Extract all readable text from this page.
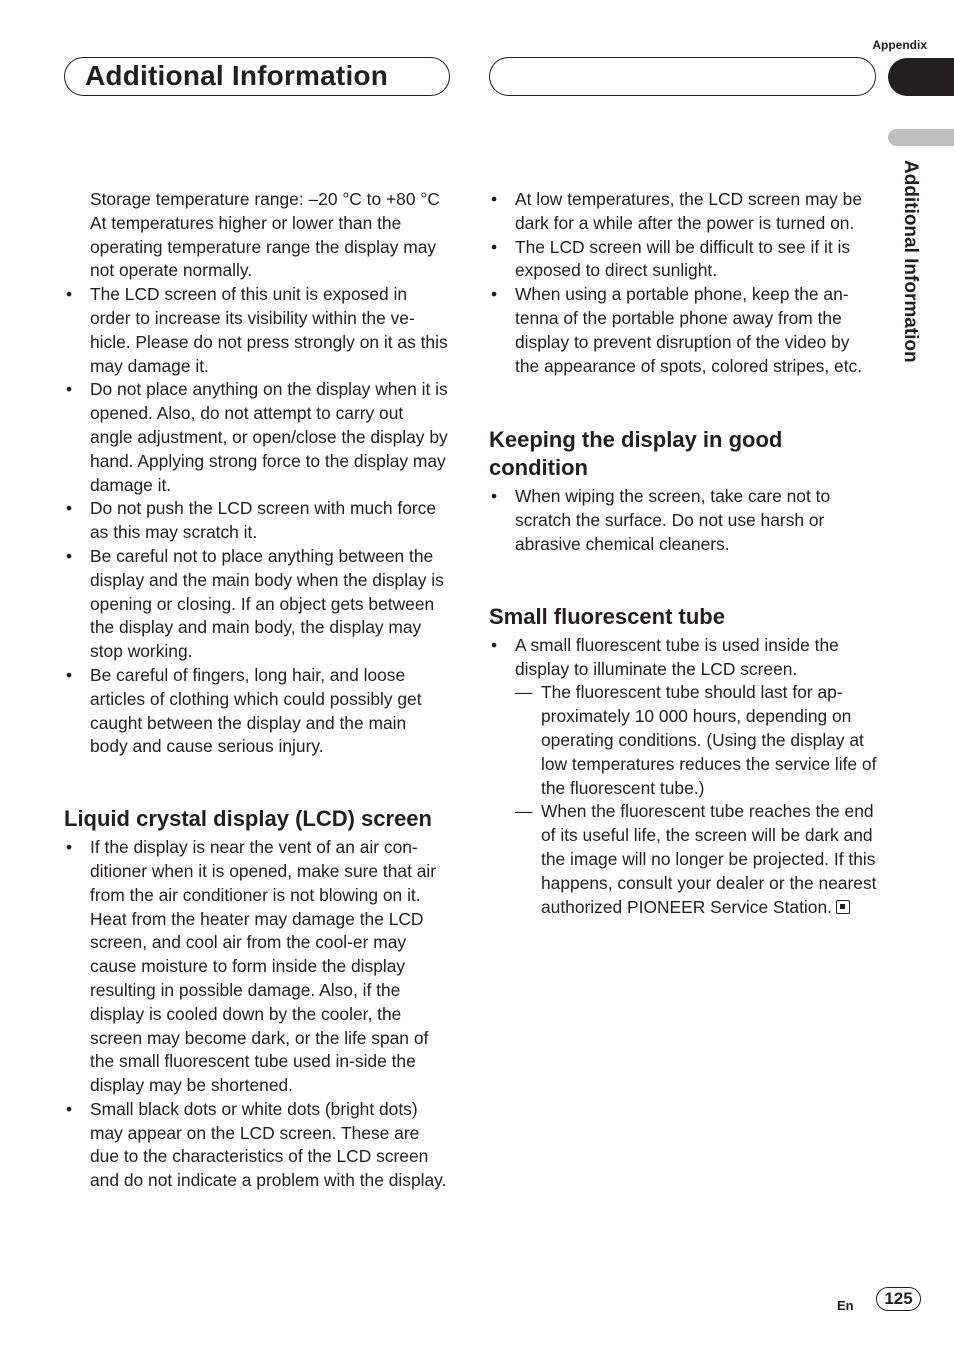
Appendix
Additional Information
Additional Information

Storage temperature range: –20 °C to +80 °C

At temperatures higher or lower than the operating temperature range the display may not operate normally.

• The LCD screen of this unit is exposed in order to increase its visibility within the ve-hicle. Please do not press strongly on it as this may damage it.
• Do not place anything on the display when it is opened. Also, do not attempt to carry out angle adjustment, or open/close the display by hand. Applying strong force to the display may damage it.
• Do not push the LCD screen with much force as this may scratch it.
• Be careful not to place anything between the display and the main body when the display is opening or closing. If an object gets between the display and main body, the display may stop working.
• Be careful of fingers, long hair, and loose articles of clothing which could possibly get caught between the display and the main body and cause serious injury.
Liquid crystal display (LCD) screen
• If the display is near the vent of an air con-ditioner when it is opened, make sure that air from the air conditioner is not blowing on it. Heat from the heater may damage the LCD screen, and cool air from the cool-er may cause moisture to form inside the display resulting in possible damage. Also, if the display is cooled down by the cooler, the screen may become dark, or the life span of the small fluorescent tube used in-side the display may be shortened.
• Small black dots or white dots (bright dots) may appear on the LCD screen. These are due to the characteristics of the LCD screen and do not indicate a problem with the display.
• At low temperatures, the LCD screen may be dark for a while after the power is turned on.
• The LCD screen will be difficult to see if it is exposed to direct sunlight.
• When using a portable phone, keep the an-tenna of the portable phone away from the display to prevent disruption of the video by the appearance of spots, colored stripes, etc.
Keeping the display in good condition
• When wiping the screen, take care not to scratch the surface. Do not use harsh or abrasive chemical cleaners.
Small fluorescent tube
• A small fluorescent tube is used inside the display to illuminate the LCD screen.
— The fluorescent tube should last for ap-proximately 10 000 hours, depending on operating conditions. (Using the display at low temperatures reduces the service life of the fluorescent tube.)
— When the fluorescent tube reaches the end of its useful life, the screen will be dark and the image will no longer be projected. If this happens, consult your dealer or the nearest authorized PIONEER Service Station.
En	125
